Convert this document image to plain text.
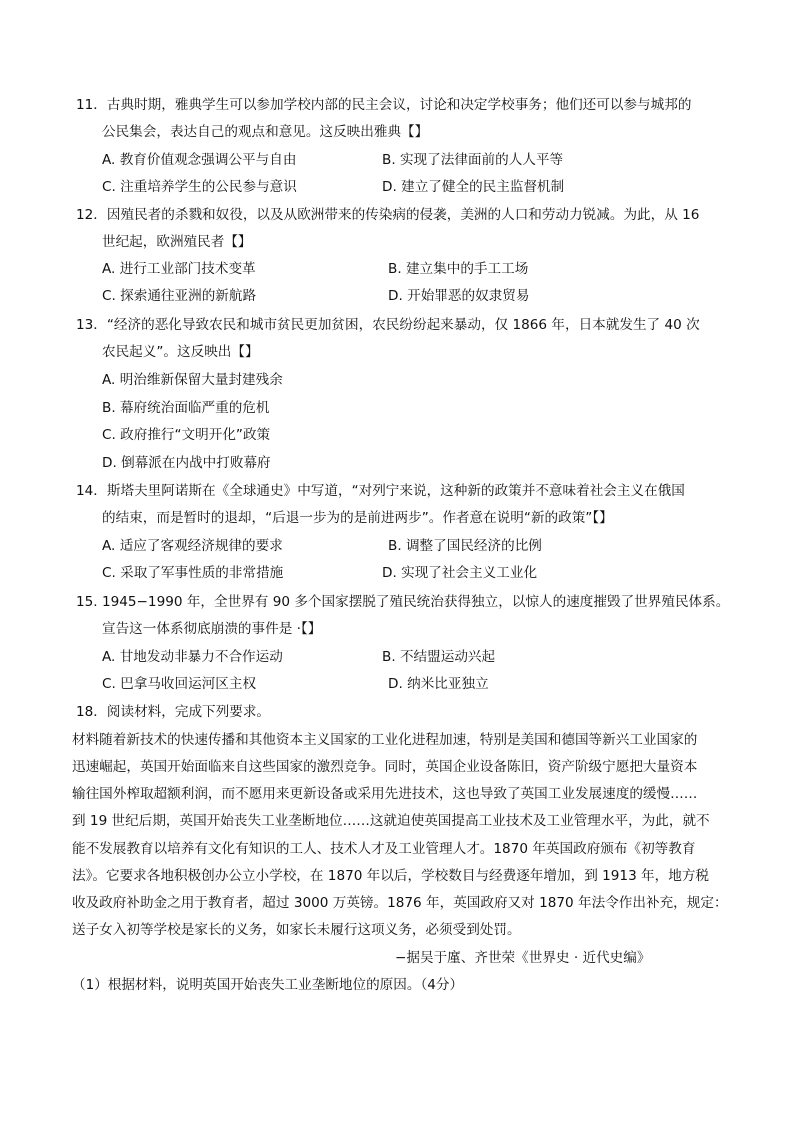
11．古典时期，雅典学生可以参加学校内部的民主会议，讨论和决定学校事务；他们还可以参与城邦的
公民集会，表达自己的观点和意见。这反映出雅典【】
A. 教育价值观念强调公平与自由	B. 实现了法律面前的人人平等
C. 注重培养学生的公民参与意识	D. 建立了健全的民主监督机制
12．因殖民者的杀戮和奴役，以及从欧洲带来的传染病的侵袭，美洲的人口和劳动力锐减。为此，从 16
世纪起，欧洲殖民者【】
A. 进行工业部门技术变革	B. 建立集中的手工工场
C. 探索通往亚洲的新航路	D. 开始罪恶的奴隶贸易
13．“经济的恶化导致农民和城市贫民更加贫困，农民纷纷起来暴动，仅 1866 年，日本就发生了 40 次
农民起义”。这反映出【】
A. 明治维新保留大量封建残余
B. 幕府统治面临严重的危机
C. 政府推行“文明开化”政策
D. 倒幕派在内战中打败幕府
14．斯塔夫里阿诺斯在《全球通史》中写道，“对列宁来说，这种新的政策并不意味着社会主义在俄国
的结束，而是暂时的退却，“后退一步为的是前进两步”。作者意在说明“新的政策”【】
A. 适应了客观经济规律的要求	B. 调整了国民经济的比例
C. 采取了军事性质的非常措施	D. 实现了社会主义工业化
15. 1945−1990 年，全世界有 90 多个国家摆脱了殖民统治获得独立，以惊人的速度摧毁了世界殖民体系。
宣告这一体系彻底崩溃的事件是 ·【】
A. 甘地发动非暴力不合作运动	B. 不结盟运动兴起
C. 巴拿马收回运河区主权	D. 纳米比亚独立
18．阅读材料，完成下列要求。
材料随着新技术的快速传播和其他资本主义国家的工业化进程加速，特别是美国和德国等新兴工业国家的
迅速崛起，英国开始面临来自这些国家的激烈竞争。同时，英国企业设备陈旧，资产阶级宁愿把大量资本
输往国外榨取超额利润，而不愿用来更新设备或采用先进技术，这也导致了英国工业发展速度的缓慢……
到 19 世纪后期，英国开始丧失工业垄断地位……这就迫使英国提高工业技术及工业管理水平，为此，就不
能不发展教育以培养有文化有知识的工人、技术人才及工业管理人才。1870 年英国政府颁布《初等教育
法》。它要求各地积极创办公立小学校，在 1870 年以后，学校数目与经费逐年增加，到 1913 年，地方税
收及政府补助金之用于教育者，超过 3000 万英镑。1876 年，英国政府又对 1870 年法令作出补充，规定：
送子女入初等学校是家长的义务，如家长未履行这项义务，必须受到处罚。
−据吴于廑、齐世荣《世界史 · 近代史编》
（1）根据材料，说明英国开始丧失工业垄断地位的原因。（4分）
